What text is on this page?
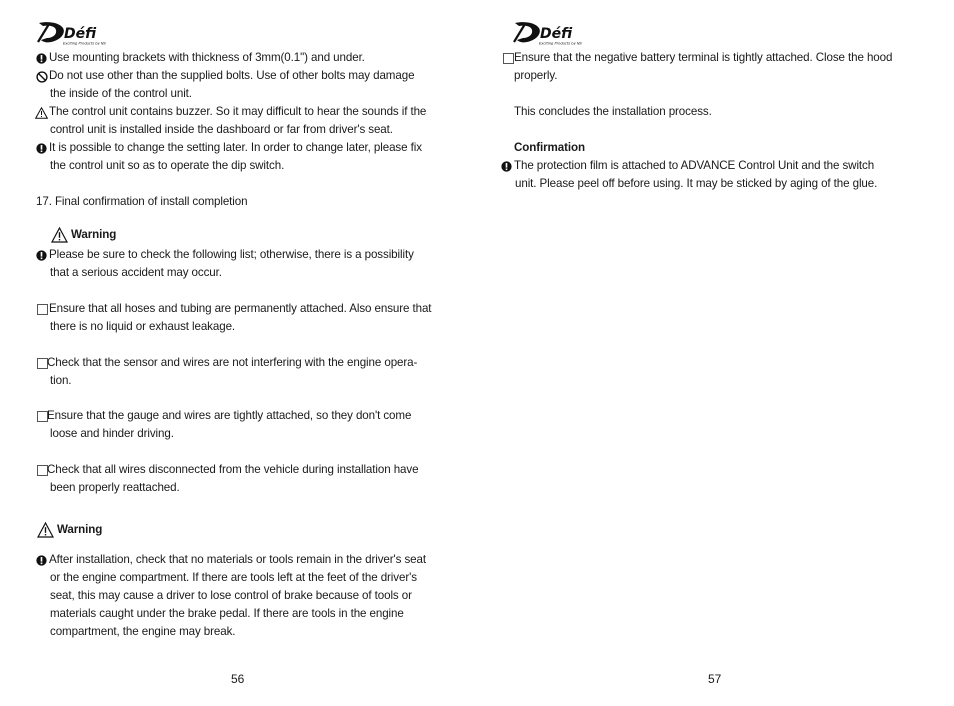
Défi
Exciting Products by NS
Use mounting brackets with thickness of 3mm(0.1") and under.
Do not use other than the supplied bolts. Use of other bolts may damage
the inside of the control unit.
The control unit contains buzzer. So it may difficult to hear the sounds if the
control unit is installed inside the dashboard or far from driver's seat.
It is possible to change the setting later. In order to change later, please fix
the control unit so as to operate the dip switch.
17. Final confirmation of install completion
Warning
Please be sure to check the following list; otherwise, there is a possibility
that a serious accident may occur.
Ensure that all hoses and tubing are permanently attached. Also ensure that
there is no liquid or exhaust leakage.
Check that the sensor and wires are not interfering with the engine opera-
tion.
Ensure that the gauge and wires are tightly attached, so they don't come
loose and hinder driving.
Check that all wires disconnected from the vehicle during installation have
been properly reattached.
Warning
After installation, check that no materials or tools remain in the driver's seat
or the engine compartment. If there are tools left at the feet of the driver's
seat, this may cause a driver to lose control of brake because of tools or
materials caught under the brake pedal. If there are tools in the engine
compartment, the engine may break.
56
Défi
Exciting Products by NS
Ensure that the negative battery terminal is tightly attached. Close the hood
properly.
This concludes the installation process.
Confirmation
The protection film is attached to ADVANCE Control Unit and the switch
unit. Please peel off before using. It may be sticked by aging of the glue.
57
